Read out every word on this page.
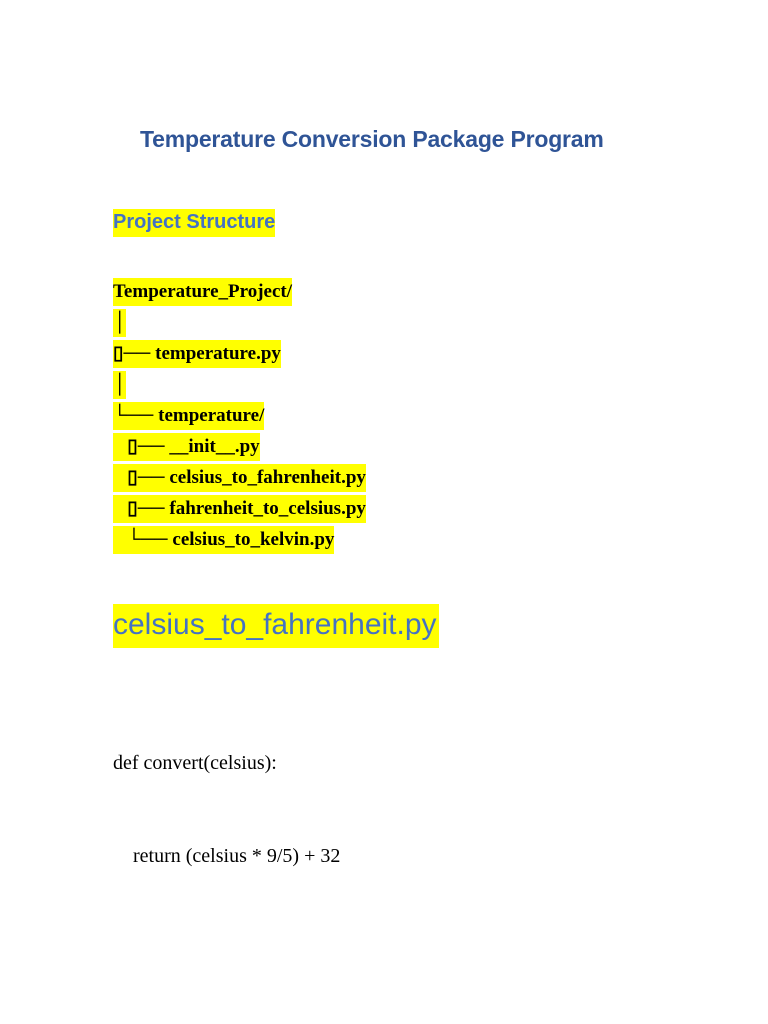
Temperature Conversion Package Program
Project Structure
Temperature_Project/
│
▯── temperature.py
│
└── temperature/
▯── __init__.py
▯── celsius_to_fahrenheit.py
▯── fahrenheit_to_celsius.py
└── celsius_to_kelvin.py
celsius_to_fahrenheit.py

def convert(celsius):

return (celsius * 9/5) + 32
